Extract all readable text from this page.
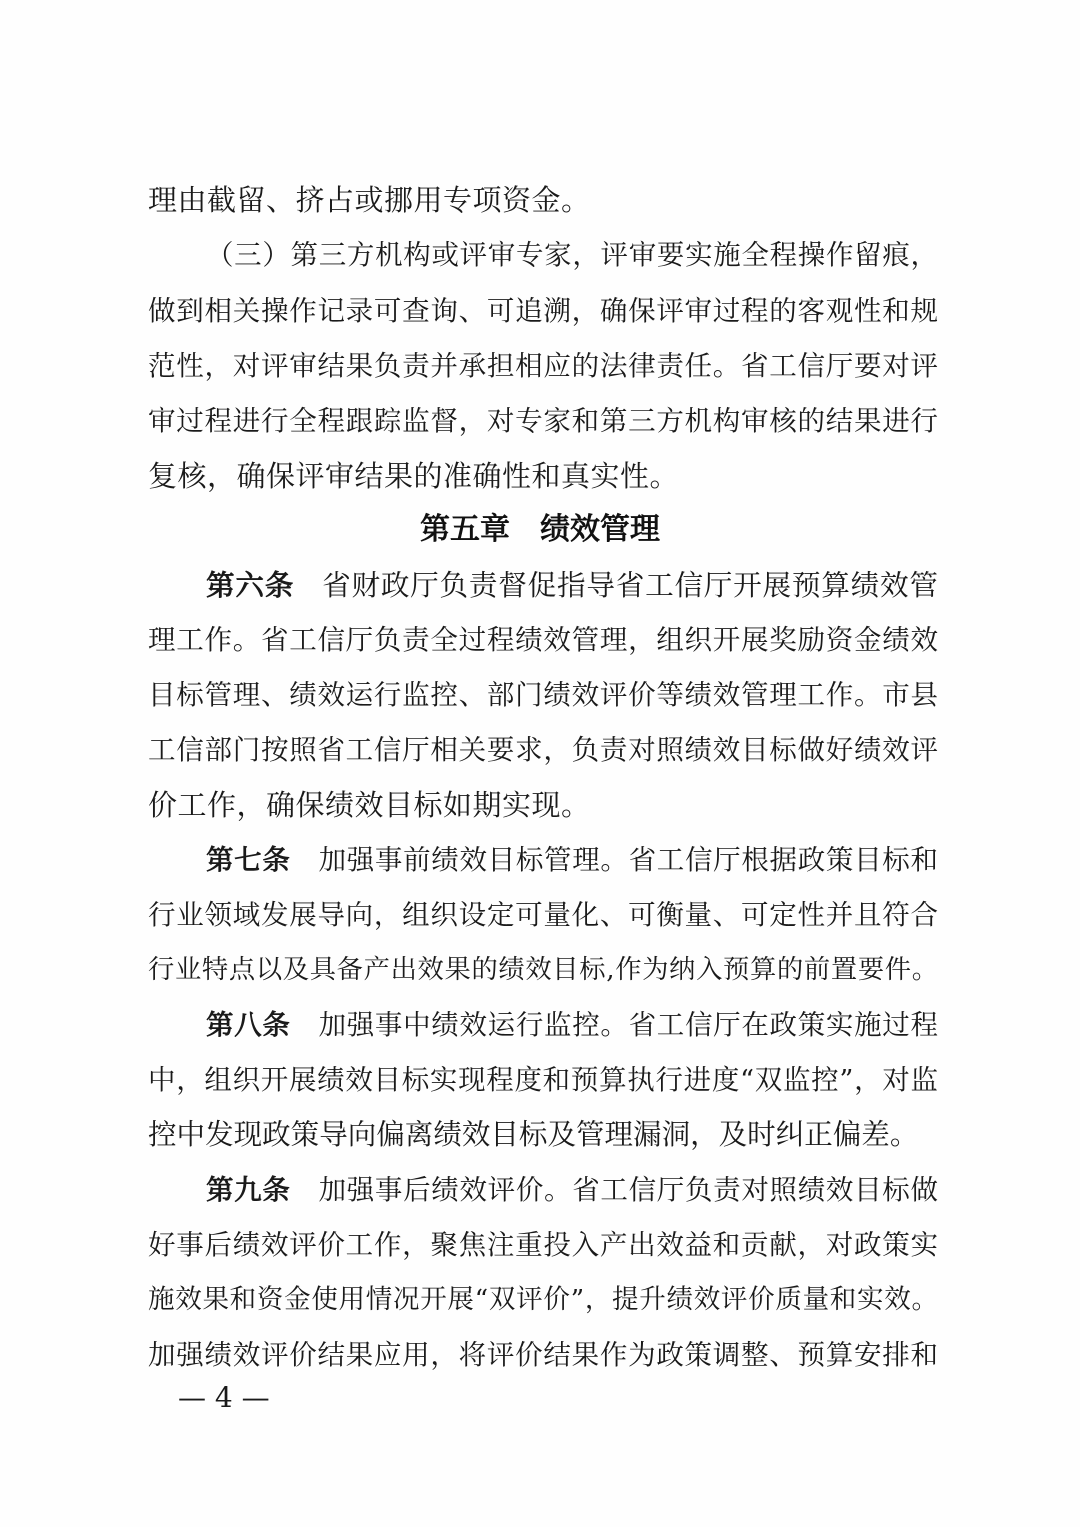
理由截留、挤占或挪用专项资金。
（三）第三方机构或评审专家，评审要实施全程操作留痕，
做到相关操作记录可查询、可追溯，确保评审过程的客观性和规
范性，对评审结果负责并承担相应的法律责任。省工信厅要对评
审过程进行全程跟踪监督，对专家和第三方机构审核的结果进行
复核，确保评审结果的准确性和真实性。
第五章　绩效管理
第六条 省财政厅负责督促指导省工信厅开展预算绩效管
理工作。省工信厅负责全过程绩效管理，组织开展奖励资金绩效
目标管理、绩效运行监控、部门绩效评价等绩效管理工作。市县
工信部门按照省工信厅相关要求，负责对照绩效目标做好绩效评
价工作，确保绩效目标如期实现。
第七条 加强事前绩效目标管理。省工信厅根据政策目标和
行业领域发展导向，组织设定可量化、可衡量、可定性并且符合
行业特点以及具备产出效果的绩效目标,作为纳入预算的前置要件。
第八条 加强事中绩效运行监控。省工信厅在政策实施过程
中，组织开展绩效目标实现程度和预算执行进度“双监控”，对监
控中发现政策导向偏离绩效目标及管理漏洞，及时纠正偏差。
第九条 加强事后绩效评价。省工信厅负责对照绩效目标做
好事后绩效评价工作，聚焦注重投入产出效益和贡献，对政策实
施效果和资金使用情况开展“双评价”，提升绩效评价质量和实效。
加强绩效评价结果应用，将评价结果作为政策调整、预算安排和
— 4 —
